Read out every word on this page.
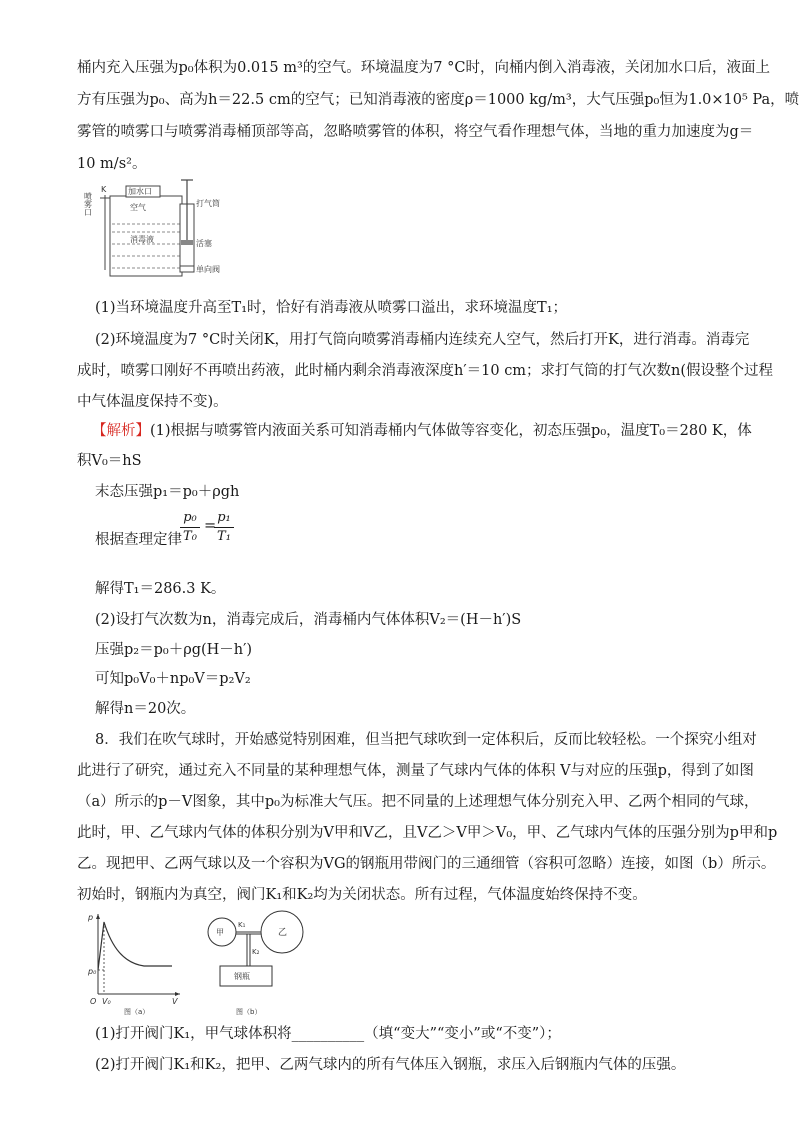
桶内充入压强为p₀体积为0.015 m³的空气。环境温度为7 °C时，向桶内倒入消毒液，关闭加水口后，液面上
方有压强为p₀、高为h＝22.5 cm的空气；已知消毒液的密度ρ＝1000 kg/m³，大气压强p₀恒为1.0×10⁵ Pa，喷
雾管的喷雾口与喷雾消毒桶顶部等高，忽略喷雾管的体积，将空气看作理想气体，当地的重力加速度为g＝
10 m/s²。
喷雾口
K	加水口
空气
消毒液
打气筒
活塞
单向阀
(1)当环境温度升高至T₁时，恰好有消毒液从喷雾口溢出，求环境温度T₁；
(2)环境温度为7 °C时关闭K，用打气筒向喷雾消毒桶内连续充人空气，然后打开K，进行消毒。消毒完
成时，喷雾口刚好不再喷出药液，此时桶内剩余消毒液深度h′＝10 cm；求打气筒的打气次数n(假设整个过程
中气体温度保持不变)。
【解析】(1)根据与喷雾管内液面关系可知消毒桶内气体做等容变化，初态压强p₀，温度T₀＝280 K，体
积V₀＝hS
末态压强p₁＝p₀＋ρgh
根据查理定律
p₀
T₀
=
p₁
T₁
解得T₁＝286.3 K。
(2)设打气次数为n，消毒完成后，消毒桶内气体体积V₂＝(H－h′)S
压强p₂＝p₀＋ρg(H－h′)
可知p₀V₀＋np₀V＝p₂V₂
解得n＝20次。
8．我们在吹气球时，开始感觉特别困难，但当把气球吹到一定体积后，反而比较轻松。一个探究小组对
此进行了研究，通过充入不同量的某种理想气体，测量了气球内气体的体积 V与对应的压强p，得到了如图
（a）所示的p－V图象，其中p₀为标准大气压。把不同量的上述理想气体分别充入甲、乙两个相同的气球，
此时，甲、乙气球内气体的体积分别为V甲和V乙，且V乙＞V甲＞V₀，甲、乙气球内气体的压强分别为p甲和p
乙。现把甲、乙两气球以及一个容积为VG的钢瓶用带阀门的三通细管（容积可忽略）连接，如图（b）所示。
初始时，钢瓶内为真空，阀门K₁和K₂均为关闭状态。所有过程，气体温度始终保持不变。
p
p₀
O V₀	V
图（a）
甲	乙
K₁
K₂
钢瓶
图（b）
(1)打开阀门K₁，甲气球体积将__________（填“变大”“变小”或“不变”）；
(2)打开阀门K₁和K₂，把甲、乙两气球内的所有气体压入钢瓶，求压入后钢瓶内气体的压强。
